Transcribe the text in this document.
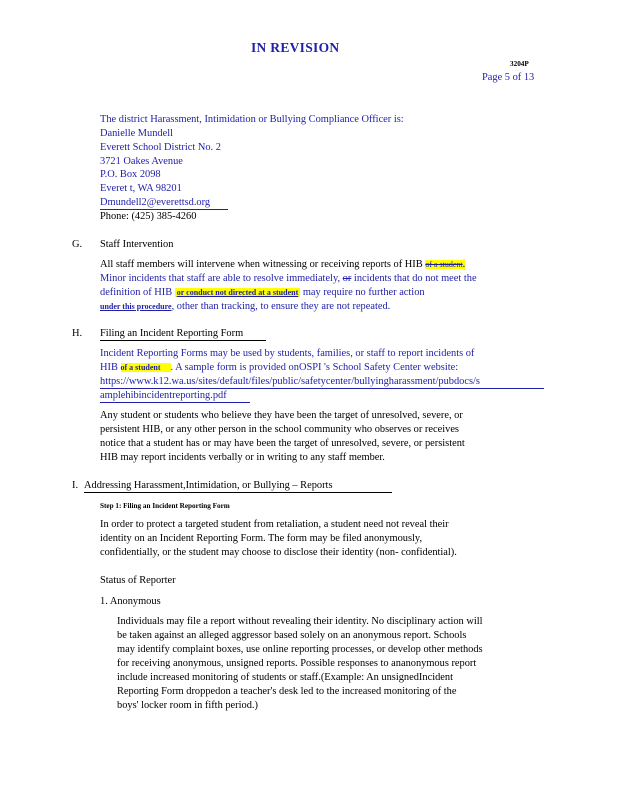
IN REVISION
3204P
Page 5 of 13
The district Harassment, Intimidation or Bullying Compliance Officer is:
Danielle Mundell
Everett School District No. 2
3721 Oakes Avenue
P.O. Box 2098
Everet t, WA 98201
Dmundell2@everettsd.org
Phone: (425) 385-4260
G. Staff Intervention
All staff members will intervene when witnessing or receiving reports of HIB of a student.
Minor incidents that staff are able to resolve immediately, or incidents that do not meet the
definition of HIB or conduct not directed at a student may require no further action
under this procedure, other than tracking, to ensure they are not repeated.
H. Filing an Incident Reporting Form
Incident Reporting Forms may be used by students, families, or staff to report incidents of
HIB of a student . A sample form is provided onOSPI 's School Safety Center website:
https://www.k12.wa.us/sites/default/files/public/safetycenter/bullyingharassment/pubdocs/s
amplehibincidentreporting.pdf
Any student or students who believe they have been the target of unresolved, severe, or
persistent HIB, or any other person in the school community who observes or receives
notice that a student has or may have been the target of unresolved, severe, or persistent
HIB may report incidents verbally or in writing to any staff member.
I. Addressing Harassment,Intimidation, or Bullying – Reports
Step 1: Filing an Incident Reporting Form
In order to protect a targeted student from retaliation, a student need not reveal their
identity on an Incident Reporting Form. The form may be filed anonymously,
confidentially, or the student may choose to disclose their identity (non- confidential).
Status of Reporter
1. Anonymous
Individuals may file a report without revealing their identity. No disciplinary action will
be taken against an alleged aggressor based solely on an anonymous report. Schools
may identify complaint boxes, use online reporting processes, or develop other methods
for receiving anonymous, unsigned reports. Possible responses to ananonymous report
include increased monitoring of students or staff.(Example: An unsignedIncident
Reporting Form droppedon a teacher's desk led to the increased monitoring of the
boys' locker room in fifth period.)
